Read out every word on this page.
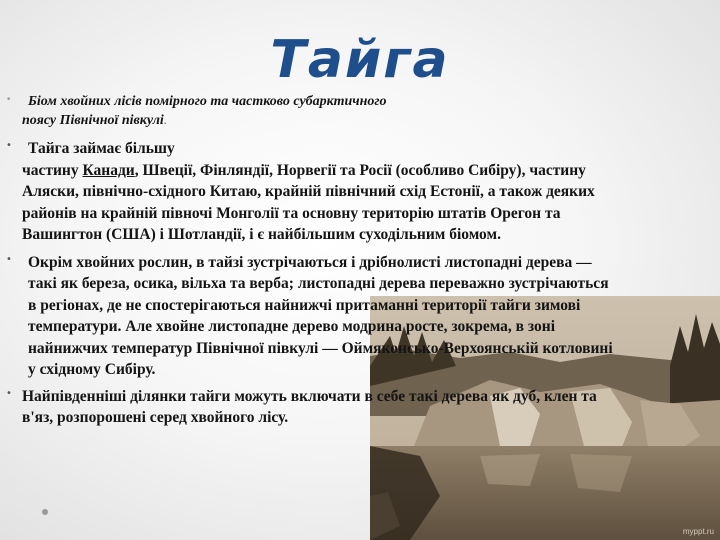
Тайга
myppt.ru
•	Біом хвойних лісів помірного та частково субарктичного
поясу Північної півкулі.
•	Тайга займає більшу
частину Канади, Швеції, Фінляндії, Норвегії та Росії (особливо Сибіру), частину Аляски, північно-східного Китаю, крайній північний схід Естонії, а також деяких районів на крайній півночі Монголії та основну територію штатів Орегон та Вашингтон (США) і Шотландії, і є найбільшим суходільним біомом.
•	Окрім хвойних рослин, в тайзі зустрічаються і дрібнолисті листопадні дерева — такі як береза, осика, вільха та верба; листопадні дерева переважно зустрічаються в регіонах, де не спостерігаються найнижчі притаманні території тайги зимові температури. Але хвойне листопадне дерево модрина росте, зокрема, в зоні найнижчих температур Північної півкулі — Оймяконсько-Верхоянській котловині у східному Сибіру.
• Найпівденніші ділянки тайги можуть включати в себе такі дерева як дуб, клен та в'яз, розпорошені серед хвойного лісу.
